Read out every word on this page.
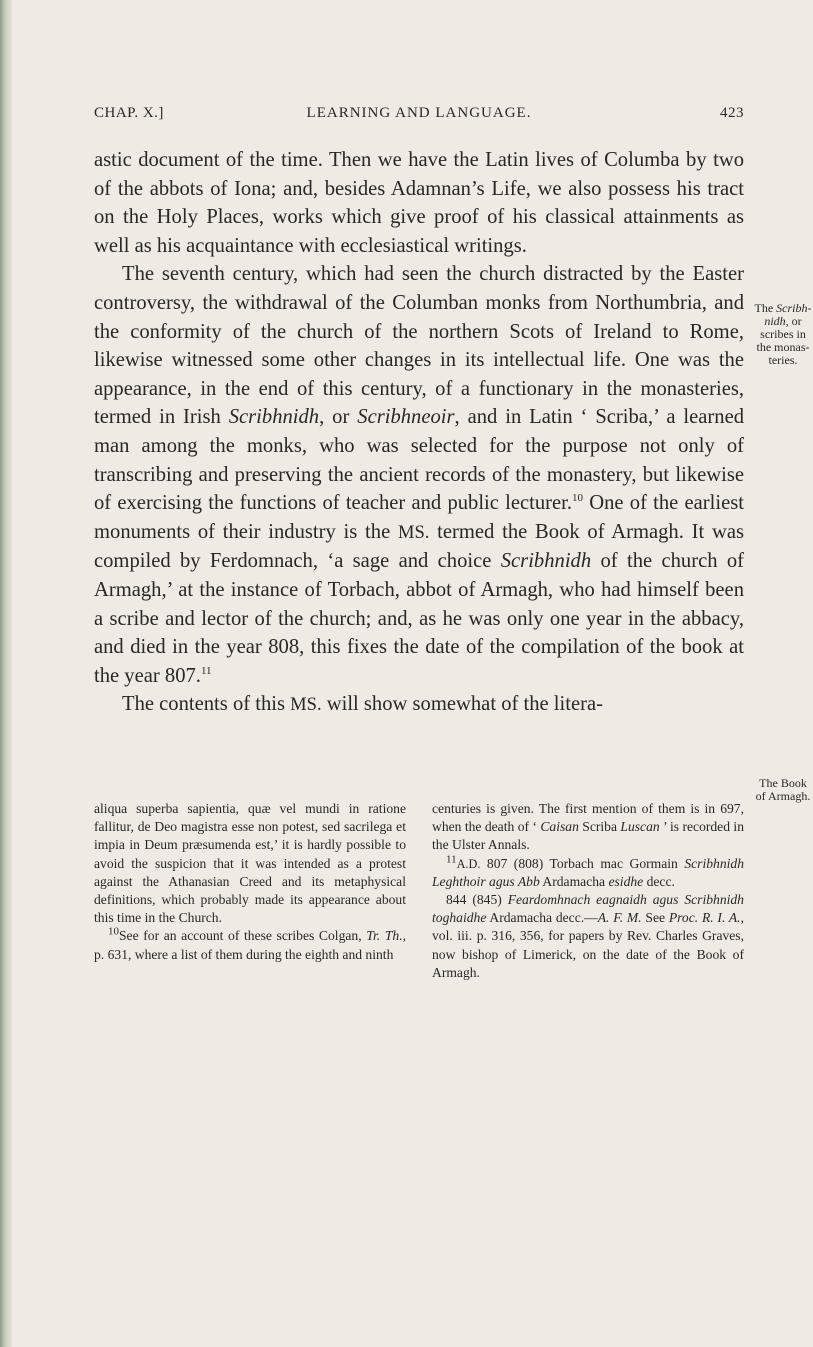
CHAP. X.]	LEARNING AND LANGUAGE.	423

astic document of the time. Then we have the Latin lives of Columba by two of the abbots of Iona; and, besides Adamnan’s Life, we also possess his tract on the Holy Places, works which give proof of his classical attainments as well as his acquaintance with ecclesiastical writings.

The seventh century, which had seen the church distracted by the Easter controversy, the withdrawal of the Columban monks from Northumbria, and the conformity of the church of the northern Scots of Ireland to Rome, likewise witnessed some other changes in its intellectual life. One was the appearance, in the end of this century, of a functionary in the monasteries, termed in Irish Scribhnidh, or Scribhneoir, and in Latin ‘ Scriba,’ a learned man among the monks, who was selected for the purpose not only of transcribing and preserving the ancient records of the monastery, but likewise of exercising the functions of teacher and public lecturer.$^{10}$ One of the earliest monuments of their industry is the MS. termed the Book of Armagh. It was compiled by Ferdomnach, ‘a sage and choice Scribhnidh of the church of Armagh,’ at the instance of Torbach, abbot of Armagh, who had himself been a scribe and lector of the church; and, as he was only one year in the abbacy, and died in the year 808, this fixes the date of the compilation of the book at the year 807.11

The contents of this MS. will show somewhat of the litera-

The Scribh-nidh, or scribes in the monas-teries.
The Book of Armagh.

aliqua superba sapientia, quæ vel mundi in ratione fallitur, de Deo magistra esse non potest, sed sacrilega et impia in Deum præsumenda est,’ it is hardly possible to avoid the suspicion that it was intended as a protest against the Athanasian Creed and its metaphysical definitions, which probably made its appearance about this time in the Church.

$^{10}$See for an account of these scribes Colgan, Tr. Th., p. 631, where a list of them during the eighth and ninth

centuries is given. The first mention of them is in 697, when the death of ‘ Caisan Scriba Luscan ’ is recorded in the Ulster Annals.

$^{11}$A.D. 807 (808) Torbach mac Gormain Scribhnidh Leghthoir agus Abb Ardamacha esidhe decc.

844 (845) Feardomhnach eagnaidh agus Scribhnidh toghaidhe Ardamacha decc.—A. F. M. See Proc. R. I. A., vol. iii. p. 316, 356, for papers by Rev. Charles Graves, now bishop of Limerick, on the date of the Book of Armagh.
